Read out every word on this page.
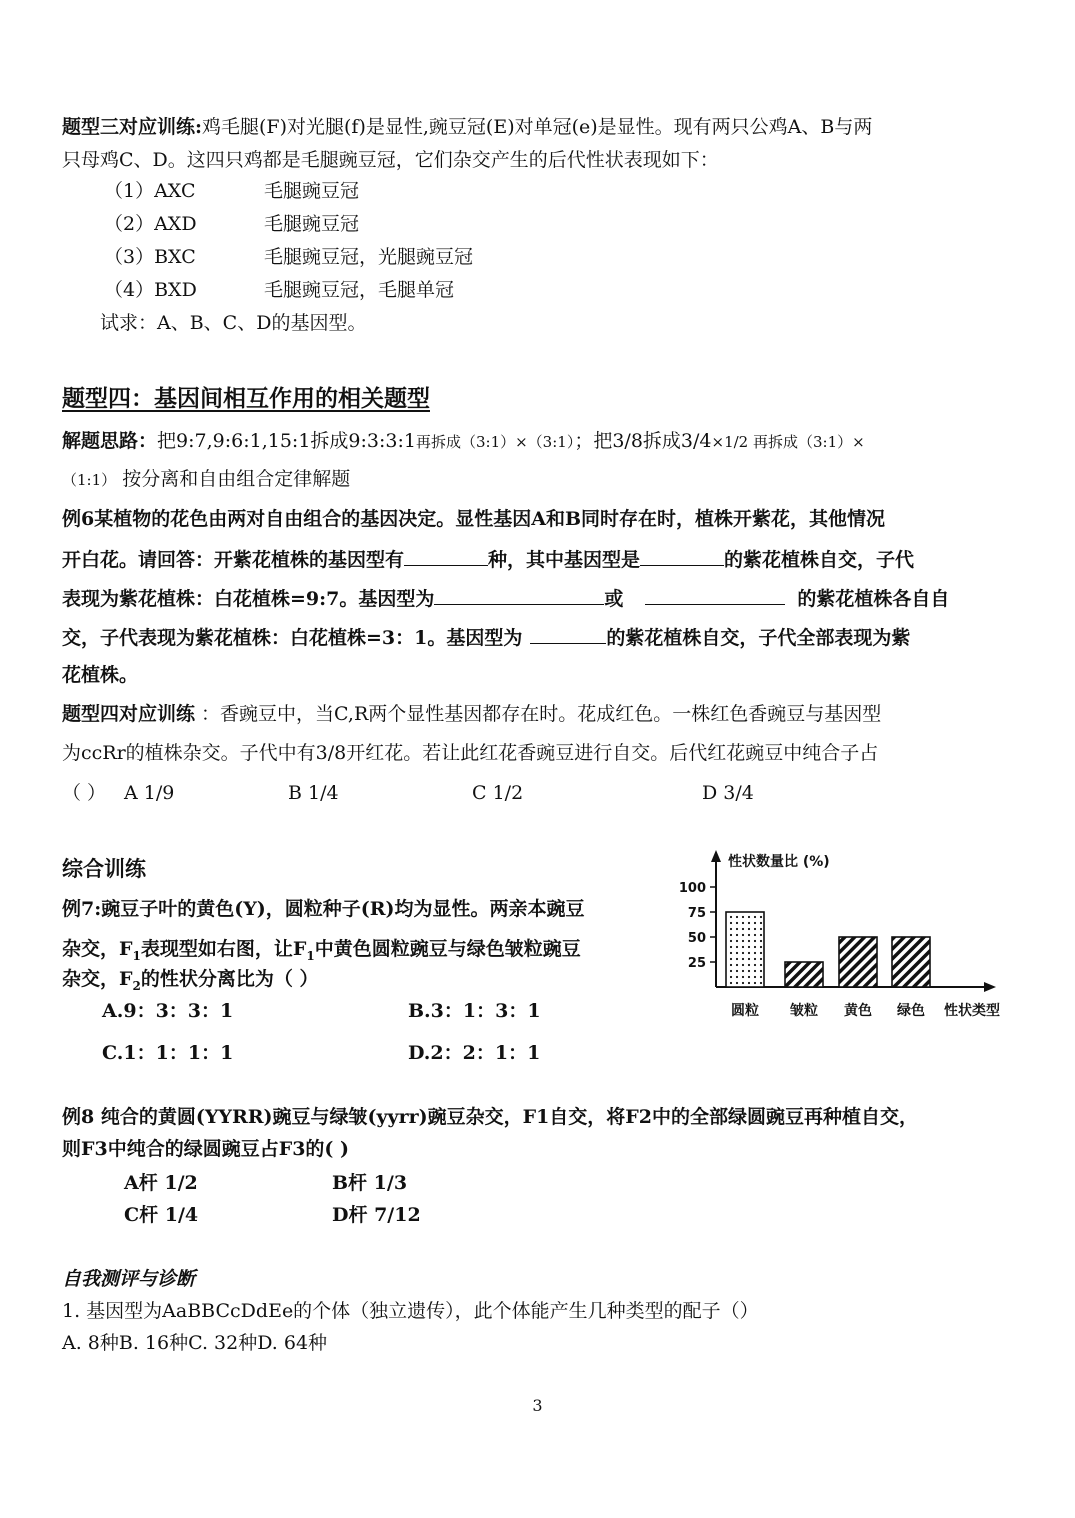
题型三对应训练:鸡毛腿(F)对光腿(f)是显性,豌豆冠(E)对单冠(e)是显性。现有两只公鸡A、B与两
只母鸡C、D。这四只鸡都是毛腿豌豆冠，它们杂交产生的后代性状表现如下：
（1）AXC	毛腿豌豆冠
（2）AXD	毛腿豌豆冠
（3）BXC	毛腿豌豆冠，光腿豌豆冠
（4）BXD	毛腿豌豆冠，毛腿单冠
试求：A、B、C、D的基因型。
题型四：基因间相互作用的相关题型
解题思路：把9:7,9:6:1,15:1拆成9:3:3:1再拆成（3:1）×（3:1）；把3/8拆成3/4×1/2 再拆成（3:1）×
（1:1） 按分离和自由组合定律解题
例6某植物的花色由两对自由组合的基因决定。显性基因A和B同时存在时，植株开紫花，其他情况
开白花。请回答：开紫花植株的基因型有	种，其中基因型是	的紫花植株自交，子代
表现为紫花植株：白花植株=9:7。基因型为	或	的紫花植株各自自
交，子代表现为紫花植株：白花植株=3：1。基因型为	的紫花植株自交，子代全部表现为紫
花植株。
题型四对应训练 ：香豌豆中，当C,R两个显性基因都存在时。花成红色。一株红色香豌豆与基因型
为ccRr的植株杂交。子代中有3/8开红花。若让此红花香豌豆进行自交。后代红花豌豆中纯合子占
（ ） A 1/9	B 1/4	C 1/2	D 3/4
综合训练
例7:豌豆子叶的黄色(Y)，圆粒种子(R)均为显性。两亲本豌豆
杂交，$F_1$表现型如右图，让$F_1$中黄色圆粒豌豆与绿色皱粒豌豆
杂交，$F_2$的性状分离比为（ ）
A.9：3：3：1	B.3：1：3：1
C.1：1：1：1	D.2：2：1：1
性状数量比 (%)
25
50
75
100
圆粒 皱粒 黄色 绿色 性状类型
例8 纯合的黄圆(YYRR)豌豆与绿皱(yyrr)豌豆杂交，F1自交，将F2中的全部绿圆豌豆再种植自交，
则F3中纯合的绿圆豌豆占F3的( )
A杆 1/2	B杆 1/3
C杆 1/4	D杆 7/12
自我测评与诊断
1. 基因型为AaBBCcDdEe的个体（独立遗传），此个体能产生几种类型的配子（）
A. 8种B. 16种C. 32种D. 64种
3
